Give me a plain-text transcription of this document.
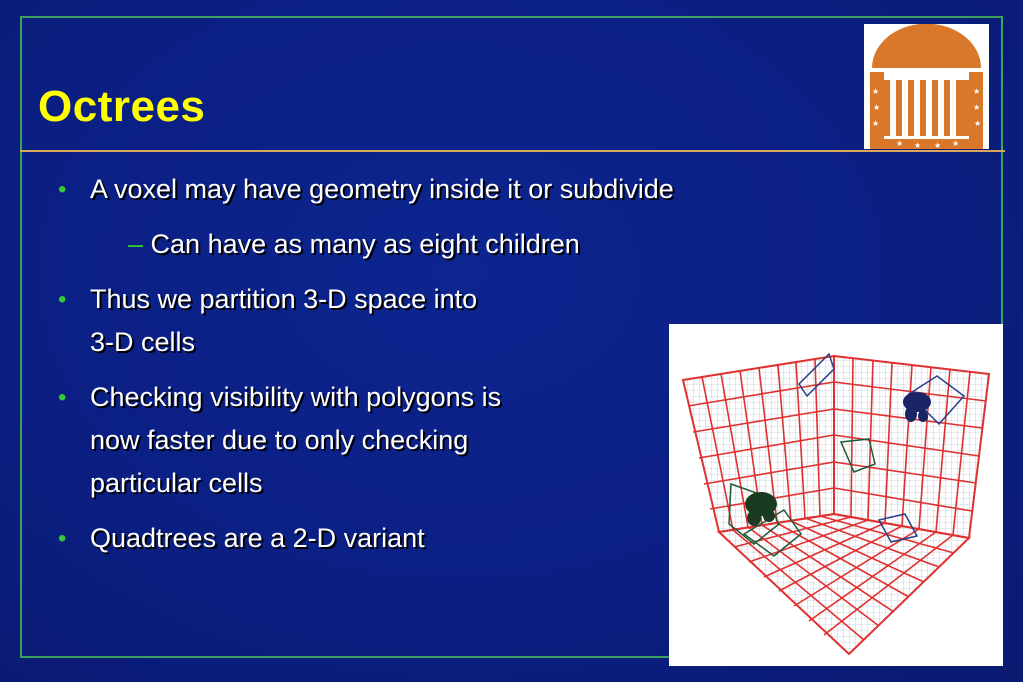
Octrees	★
★
★
★
★
★
★ ★ ★ ★
• A voxel may have geometry inside it or subdivide
– Can have as many as eight children
• Thus we partition 3-D space into
3-D cells
• Checking visibility with polygons is
now faster due to only checking
particular cells
• Quadtrees are a 2-D variant
